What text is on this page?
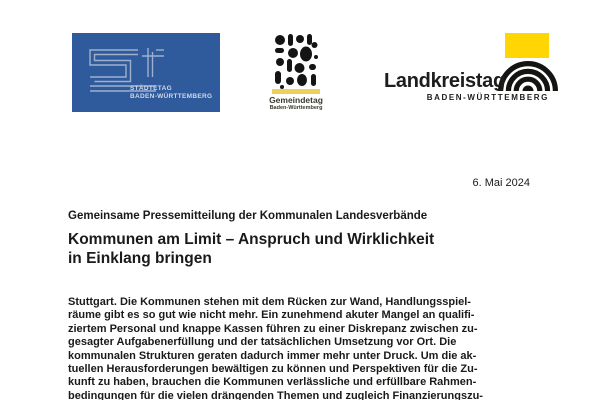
STÄDTETAG
BADEN-WÜRTTEMBERG	Gemeindetag
Baden-Württemberg
Landkreistag
BADEN-WÜRTTEMBERG
6. Mai 2024
Gemeinsame Pressemitteilung der Kommunalen Landesverbände
Kommunen am Limit – Anspruch und Wirklichkeit
in Einklang bringen
Stuttgart. Die Kommunen stehen mit dem Rücken zur Wand, Handlungsspiel-
räume gibt es so gut wie nicht mehr. Ein zunehmend akuter Mangel an qualifi-
ziertem Personal und knappe Kassen führen zu einer Diskrepanz zwischen zu-
gesagter Aufgabenerfüllung und der tatsächlichen Umsetzung vor Ort. Die
kommunalen Strukturen geraten dadurch immer mehr unter Druck. Um die ak-
tuellen Herausforderungen bewältigen zu können und Perspektiven für die Zu-
kunft zu haben, brauchen die Kommunen verlässliche und erfüllbare Rahmen-
bedingungen für die vielen drängenden Themen und zugleich Finanzierungszu-
